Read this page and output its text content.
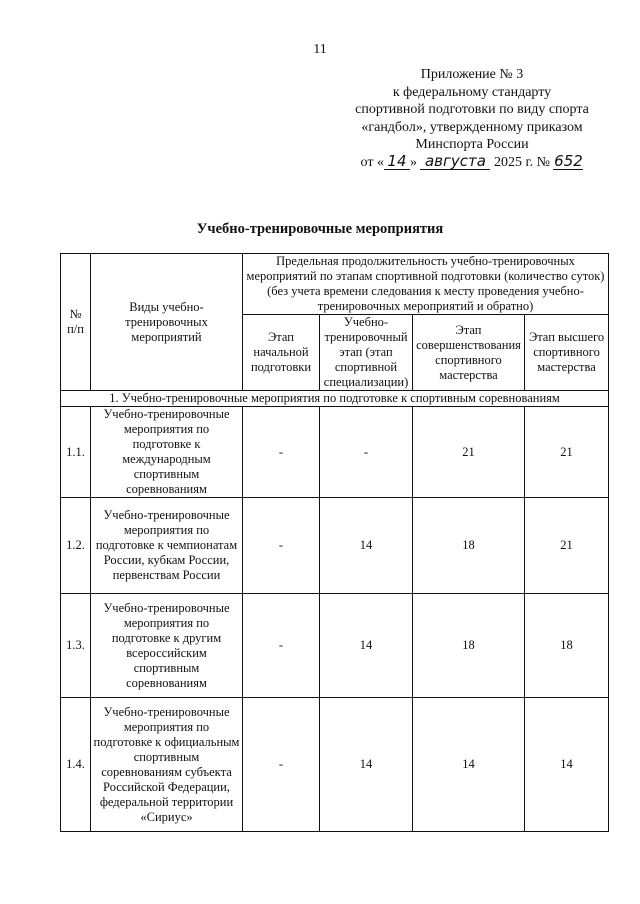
11
Приложение № 3
к федеральному стандарту
спортивной подготовки по виду спорта
«гандбол», утвержденному приказом
Минспорта России
от « 14 » августа 2025 г. № 652
Учебно-тренировочные мероприятия
№ п/п	Виды учебно-тренировочных мероприятий	Предельная продолжительность учебно-тренировочных мероприятий по этапам спортивной подготовки (количество суток) (без учета времени следования к месту проведения учебно-тренировочных мероприятий и обратно)			
		Этап начальной подготовки	Учебно-тренировочный этап (этап спортивной специализации)	Этап совершенствования спортивного мастерства	Этап высшего спортивного мастерства
1. Учебно-тренировочные мероприятия по подготовке к спортивным соревнованиям					
1.1.	Учебно-тренировочные мероприятия по подготовке к международным спортивным соревнованиям	-	-	21	21
1.2.	Учебно-тренировочные мероприятия по подготовке к чемпионатам России, кубкам России, первенствам России	-	14	18	21
1.3.	Учебно-тренировочные мероприятия по подготовке к другим всероссийским спортивным соревнованиям	-	14	18	18
1.4.	Учебно-тренировочные мероприятия по подготовке к официальным спортивным соревнованиям субъекта Российской Федерации, федеральной территории «Сириус»	-	14	14	14
